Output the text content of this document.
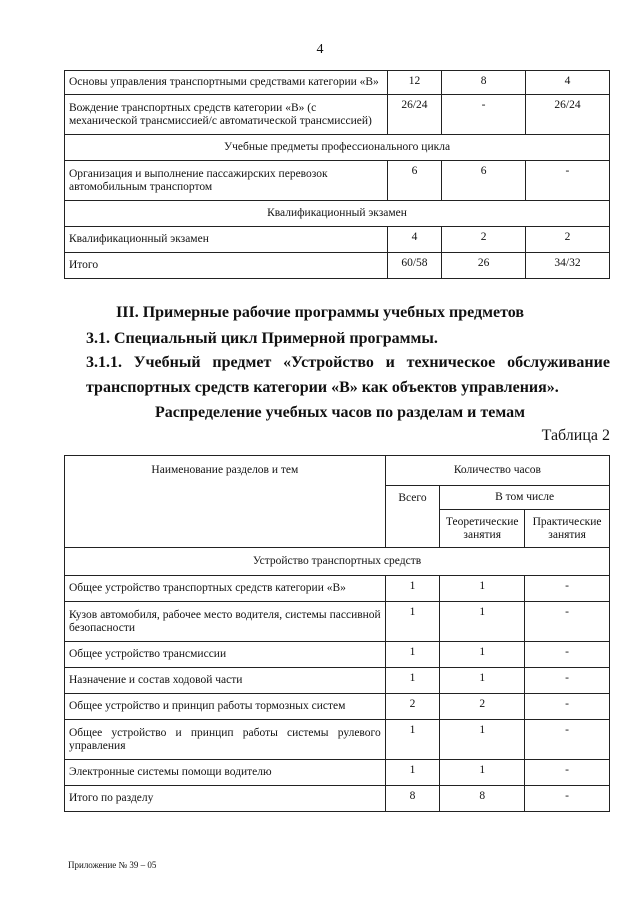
4
Основы управления транспортными средствами категории «B»	12	8	4
Вождение транспортных средств категории «B» (с механической трансмиссией/с автоматической трансмиссией)	26/24	-	26/24
Учебные предметы профессионального цикла			
Организация и выполнение пассажирских перевозок автомобильным транспортом	6	6	-
Квалификационный экзамен			
Квалификационный экзамен	4	2	2
Итого	60/58	26	34/32
III. Примерные рабочие программы учебных предметов
3.1. Специальный цикл Примерной программы.
3.1.1. Учебный предмет «Устройство и техническое обслуживание
транспортных средств категории «B» как объектов управления».
Распределение учебных часов по разделам и темам
Таблица 2
Наименование разделов и тем	Количество часов		
	Всего	В том числе	
		Теоретические занятия	Практические занятия
Устройство транспортных средств			
Общее устройство транспортных средств категории «B»	1	1	-
Кузов автомобиля, рабочее место водителя, системы пассивной безопасности	1	1	-
Общее устройство трансмиссии	1	1	-
Назначение и состав ходовой части	1	1	-
Общее устройство и принцип работы тормозных систем	2	2	-
Общее устройство и принцип работы системы рулевого управления	1	1	-
Электронные системы помощи водителю	1	1	-
Итого по разделу	8	8	-
Приложение № 39 – 05
